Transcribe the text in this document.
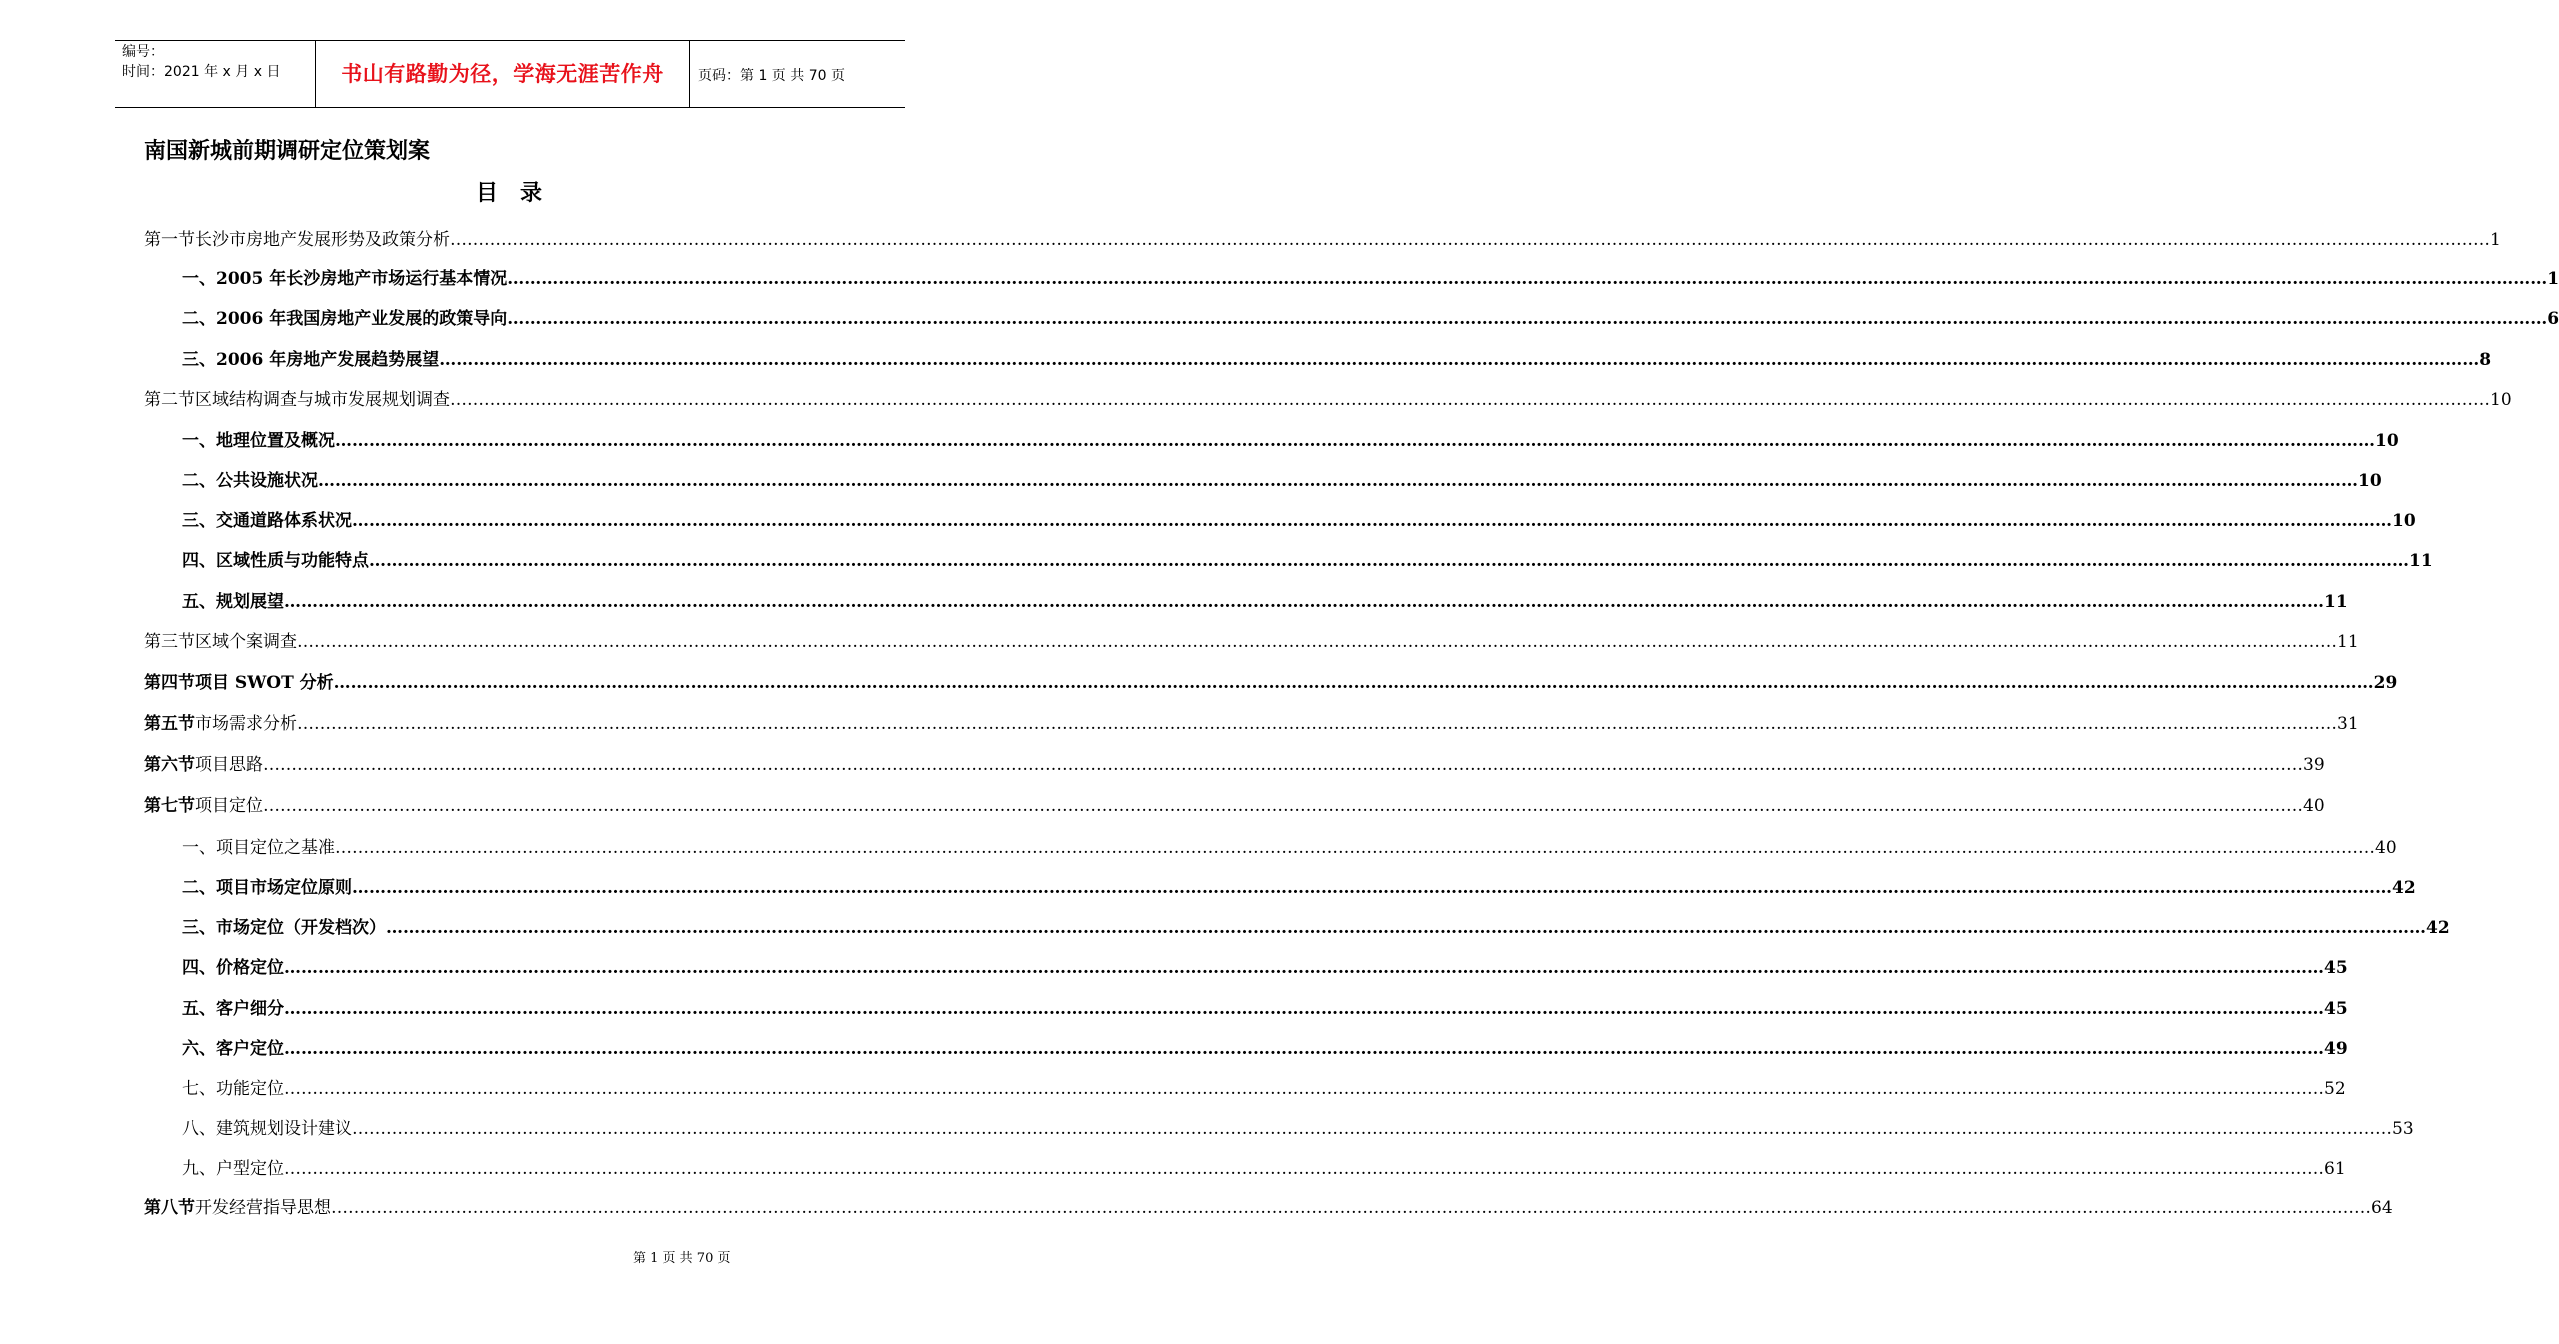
编号：
时间：2021 年 x 月 x 日	书山有路勤为径，学海无涯苦作舟	页码：第 1 页 共 70 页
南国新城前期调研定位策划案
目录
第一节 长沙市房地产发展形势及政策分析 ……………………………………………………………………………………………………………………………………………………………………………………………………………………………………………………………………………………………………………………………… 1
一、2005 年长沙房地产市场运行基本情况 ……………………………………………………………………………………………………………………………………………………………………………………………………………………………………………………………………………………………………………………………… 1
二、2006 年我国房地产业发展的政策导向 ……………………………………………………………………………………………………………………………………………………………………………………………………………………………………………………………………………………………………………………………… 6
三、2006 年房地产发展趋势展望 ……………………………………………………………………………………………………………………………………………………………………………………………………………………………………………………………………………………………………………………………… 8
第二节 区域结构调查与城市发展规划调查 ……………………………………………………………………………………………………………………………………………………………………………………………………………………………………………………………………………………………………………………………… 10
一、地理位置及概况 ……………………………………………………………………………………………………………………………………………………………………………………………………………………………………………………………………………………………………………………………… 10
二、公共设施状况 ……………………………………………………………………………………………………………………………………………………………………………………………………………………………………………………………………………………………………………………………… 10
三、交通道路体系状况 ……………………………………………………………………………………………………………………………………………………………………………………………………………………………………………………………………………………………………………………………… 10
四、区域性质与功能特点 ……………………………………………………………………………………………………………………………………………………………………………………………………………………………………………………………………………………………………………………………… 11
五、规划展望 ……………………………………………………………………………………………………………………………………………………………………………………………………………………………………………………………………………………………………………………………… 11
第三节 区域个案调查 ……………………………………………………………………………………………………………………………………………………………………………………………………………………………………………………………………………………………………………………………… 11
第四节 项目 SWOT 分析 ……………………………………………………………………………………………………………………………………………………………………………………………………………………………………………………………………………………………………………………………… 29
第五节 市场需求分析 ……………………………………………………………………………………………………………………………………………………………………………………………………………………………………………………………………………………………………………………………… 31
第六节 项目思路 ……………………………………………………………………………………………………………………………………………………………………………………………………………………………………………………………………………………………………………………………… 39
第七节 项目定位 ……………………………………………………………………………………………………………………………………………………………………………………………………………………………………………………………………………………………………………………………… 40
一、项目定位之基准 ……………………………………………………………………………………………………………………………………………………………………………………………………………………………………………………………………………………………………………………………… 40
二、项目市场定位原则 ……………………………………………………………………………………………………………………………………………………………………………………………………………………………………………………………………………………………………………………………… 42
三、市场定位（开发档次） ……………………………………………………………………………………………………………………………………………………………………………………………………………………………………………………………………………………………………………………………… 42
四、价格定位 ……………………………………………………………………………………………………………………………………………………………………………………………………………………………………………………………………………………………………………………………… 45
五、客户细分 ……………………………………………………………………………………………………………………………………………………………………………………………………………………………………………………………………………………………………………………………… 45
六、客户定位 ……………………………………………………………………………………………………………………………………………………………………………………………………………………………………………………………………………………………………………………………… 49
七、功能定位 ……………………………………………………………………………………………………………………………………………………………………………………………………………………………………………………………………………………………………………………………… 52
八、建筑规划设计建议 ……………………………………………………………………………………………………………………………………………………………………………………………………………………………………………………………………………………………………………………………… 53
九、户型定位 ……………………………………………………………………………………………………………………………………………………………………………………………………………………………………………………………………………………………………………………………… 61
第八节 开发经营指导思想 ……………………………………………………………………………………………………………………………………………………………………………………………………………………………………………………………………………………………………………………………… 64
第 1 页 共 70 页
